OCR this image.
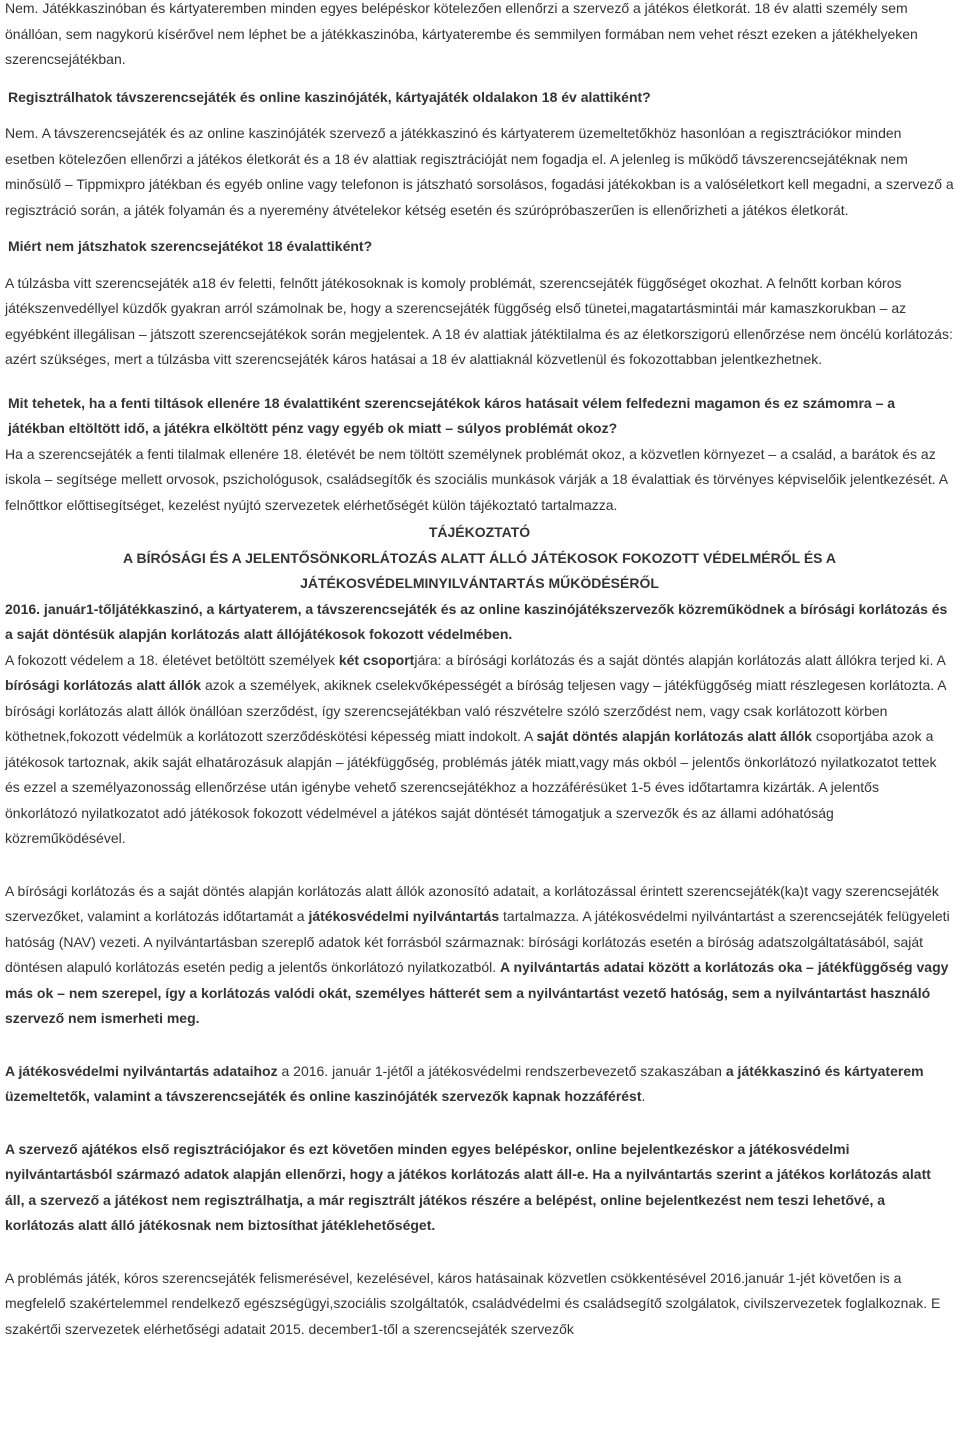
Nem. Játékkaszinóban és kártyateremben minden egyes belépéskor kötelezően ellenőrzi a szervező a játékos életkorát. 18 év alatti személy sem önállóan, sem nagykorú kísérővel nem léphet be a játékkaszinóba, kártyaterembe és semmilyen formában nem vehet részt ezeken a játékhelyeken szerencsejátékban.

Regisztrálhatok távszerencsejáték és online kaszinójáték, kártyajáték oldalakon 18 év alattiként?

Nem. A távszerencsejáték és az online kaszinójáték szervező a játékkaszinó és kártyaterem üzemeltetőkhöz hasonlóan a regisztrációkor minden esetben kötelezően ellenőrzi a játékos életkorát és a 18 év alattiak regisztrációját nem fogadja el. A jelenleg is működő távszerencsejátéknak nem minősülő – Tippmixpro játékban és egyéb online vagy telefonon is játszható sorsolásos, fogadási játékokban is a valóséletkort kell megadni, a szervező a regisztráció során, a játék folyamán és a nyeremény átvételekor kétség esetén és szúrópróbaszerűen is ellenőrizheti a játékos életkorát.

Miért nem játszhatok szerencsejátékot 18 évalattiként?

A túlzásba vitt szerencsejáték a18 év feletti, felnőtt játékosoknak is komoly problémát, szerencsejáték függőséget okozhat. A felnőtt korban kóros játékszenvedéllyel küzdők gyakran arról számolnak be, hogy a szerencsejáték függőség első tünetei,magatartásmintái már kamaszkorukban – az egyébként illegálisan – játszott szerencsejátékok során megjelentek. A 18 év alattiak játéktilalma és az életkorszigorú ellenőrzése nem öncélú korlátozás: azért szükséges, mert a túlzásba vitt szerencsejáték káros hatásai a 18 év alattiaknál közvetlenül és fokozottabban jelentkezhetnek.

Mit tehetek, ha a fenti tiltások ellenére 18 évalattiként szerencsejátékok káros hatásait vélem felfedezni magamon és ez számomra – a játékban eltöltött idő, a játékra elköltött pénz vagy egyéb ok miatt – súlyos problémát okoz?

Ha a szerencsejáték a fenti tilalmak ellenére 18. életévét be nem töltött személynek problémát okoz, a közvetlen környezet – a család, a barátok és az iskola – segítsége mellett orvosok, pszichológusok, családsegítők és szociális munkások várják a 18 évalattiak és törvényes képviselőik jelentkezését. A felnőttkor előttisegítséget, kezelést nyújtó szervezetek elérhetőségét külön tájékoztató tartalmazza.

TÁJÉKOZTATÓ

A BÍRÓSÁGI ÉS A JELENTŐSÖNKORLÁTOZÁS ALATT ÁLLÓ JÁTÉKOSOK FOKOZOTT VÉDELMÉRŐL ÉS A JÁTÉKOSVÉDELMINYILVÁNTARTÁS MŰKÖDÉSÉRŐL

2016. január1-tőljátékkaszinó, a kártyaterem, a távszerencsejáték és az online kaszinójátékszervezők közreműködnek a bírósági korlátozás és a saját döntésük alapján korlátozás alatt állójátékosok fokozott védelmében.

A fokozott védelem a 18. életévet betöltött személyek két csoportjára: a bírósági korlátozás és a saját döntés alapján korlátozás alatt állókra terjed ki. A bírósági korlátozás alatt állók azok a személyek, akiknek cselekvőképességét a bíróság teljesen vagy – játékfüggőség miatt részlegesen korlátozta. A bírósági korlátozás alatt állók önállóan szerződést, így szerencsejátékban való részvételre szóló szerződést nem, vagy csak korlátozott körben köthetnek,fokozott védelmük a korlátozott szerződéskötési képesség miatt indokolt. A saját döntés alapján korlátozás alatt állók csoportjába azok a játékosok tartoznak, akik saját elhatározásuk alapján – játékfüggőség, problémás játék miatt,vagy más okból – jelentős önkorlátozó nyilatkozatot tettek és ezzel a személyazonosság ellenőrzése után igénybe vehető szerencsejátékhoz a hozzáférésüket 1-5 éves időtartamra kizárták. A jelentős önkorlátozó nyilatkozatot adó játékosok fokozott védelmével a játékos saját döntését támogatjuk a szervezők és az állami adóhatóság közreműködésével.

A bírósági korlátozás és a saját döntés alapján korlátozás alatt állók azonosító adatait, a korlátozással érintett szerencsejáték(ka)t vagy szerencsejáték szervezőket, valamint a korlátozás időtartamát a játékosvédelmi nyilvántartás tartalmazza. A játékosvédelmi nyilvántartást a szerencsejáték felügyeleti hatóság (NAV) vezeti. A nyilvántartásban szereplő adatok két forrásból származnak: bírósági korlátozás esetén a bíróság adatszolgáltatásából, saját döntésen alapuló korlátozás esetén pedig a jelentős önkorlátozó nyilatkozatból. A nyilvántartás adatai között a korlátozás oka – játékfüggőség vagy más ok – nem szerepel, így a korlátozás valódi okát, személyes hátterét sem a nyilvántartást vezető hatóság, sem a nyilvántartást használó szervező nem ismerheti meg.

A játékosvédelmi nyilvántartás adataihoz a 2016. január 1-jétől a játékosvédelmi rendszerbevezető szakaszában a játékkaszinó és kártyaterem üzemeltetők, valamint a távszerencsejáték és online kaszinójáték szervezők kapnak hozzáférést.

A szervező ajátékos első regisztrációjakor és ezt követően minden egyes belépéskor, online bejelentkezéskor a játékosvédelmi nyilvántartásból származó adatok alapján ellenőrzi, hogy a játékos korlátozás alatt áll-e. Ha a nyilvántartás szerint a játékos korlátozás alatt áll, a szervező a játékost nem regisztrálhatja, a már regisztrált játékos részére a belépést, online bejelentkezést nem teszi lehetővé, a korlátozás alatt álló játékosnak nem biztosíthat játéklehetőséget.

A problémás játék, kóros szerencsejáték felismerésével, kezelésével, káros hatásainak közvetlen csökkentésével 2016.január 1-jét követően is a megfelelő szakértelemmel rendelkező egészségügyi,szociális szolgáltatók, családvédelmi és családsegítő szolgálatok, civilszervezetek foglalkoznak. E szakértői szervezetek elérhetőségi adatait 2015. december1-től a szerencsejáték szervezők
